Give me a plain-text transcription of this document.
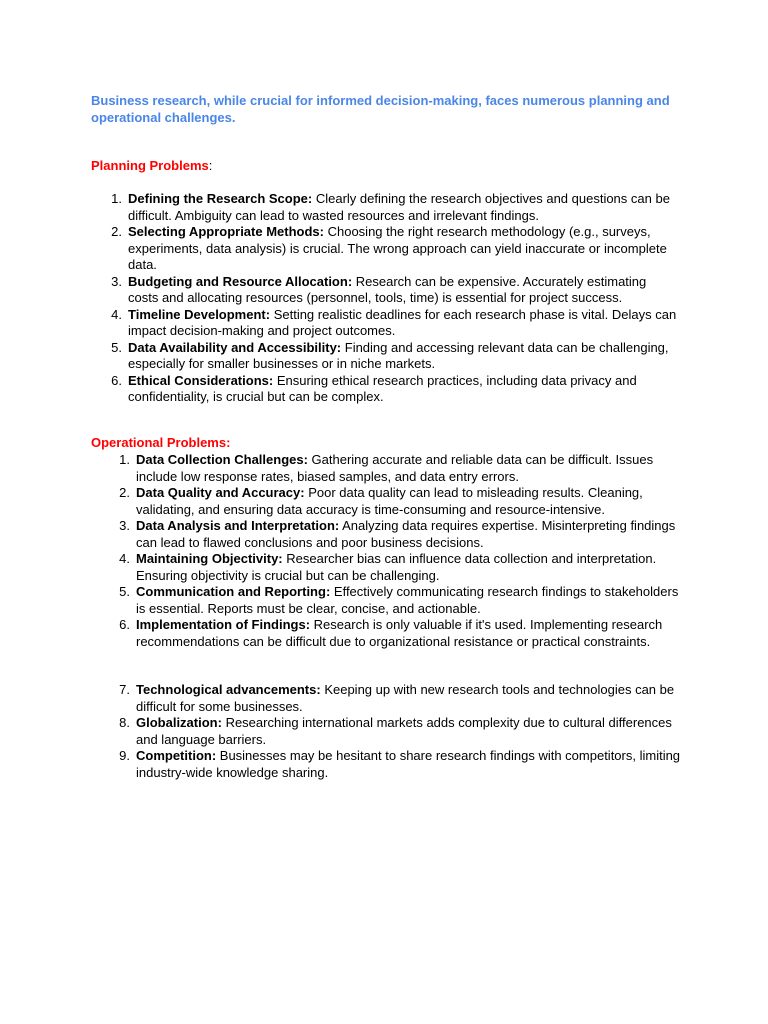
Business research, while crucial for informed decision-making, faces numerous planning and operational challenges.
Planning Problems:
1. Defining the Research Scope: Clearly defining the research objectives and questions can be difficult. Ambiguity can lead to wasted resources and irrelevant findings.
2. Selecting Appropriate Methods: Choosing the right research methodology (e.g., surveys, experiments, data analysis) is crucial. The wrong approach can yield inaccurate or incomplete data.
3. Budgeting and Resource Allocation: Research can be expensive. Accurately estimating costs and allocating resources (personnel, tools, time) is essential for project success.
4. Timeline Development: Setting realistic deadlines for each research phase is vital. Delays can impact decision-making and project outcomes.
5. Data Availability and Accessibility: Finding and accessing relevant data can be challenging, especially for smaller businesses or in niche markets.
6. Ethical Considerations: Ensuring ethical research practices, including data privacy and confidentiality, is crucial but can be complex.
Operational Problems:
1. Data Collection Challenges: Gathering accurate and reliable data can be difficult. Issues include low response rates, biased samples, and data entry errors.
2. Data Quality and Accuracy: Poor data quality can lead to misleading results. Cleaning, validating, and ensuring data accuracy is time-consuming and resource-intensive.
3. Data Analysis and Interpretation: Analyzing data requires expertise. Misinterpreting findings can lead to flawed conclusions and poor business decisions.
4. Maintaining Objectivity: Researcher bias can influence data collection and interpretation. Ensuring objectivity is crucial but can be challenging.
5. Communication and Reporting: Effectively communicating research findings to stakeholders is essential. Reports must be clear, concise, and actionable.
6. Implementation of Findings: Research is only valuable if it's used. Implementing research recommendations can be difficult due to organizational resistance or practical constraints.
7. Technological advancements: Keeping up with new research tools and technologies can be difficult for some businesses.
8. Globalization: Researching international markets adds complexity due to cultural differences and language barriers.
9. Competition: Businesses may be hesitant to share research findings with competitors, limiting industry-wide knowledge sharing.
